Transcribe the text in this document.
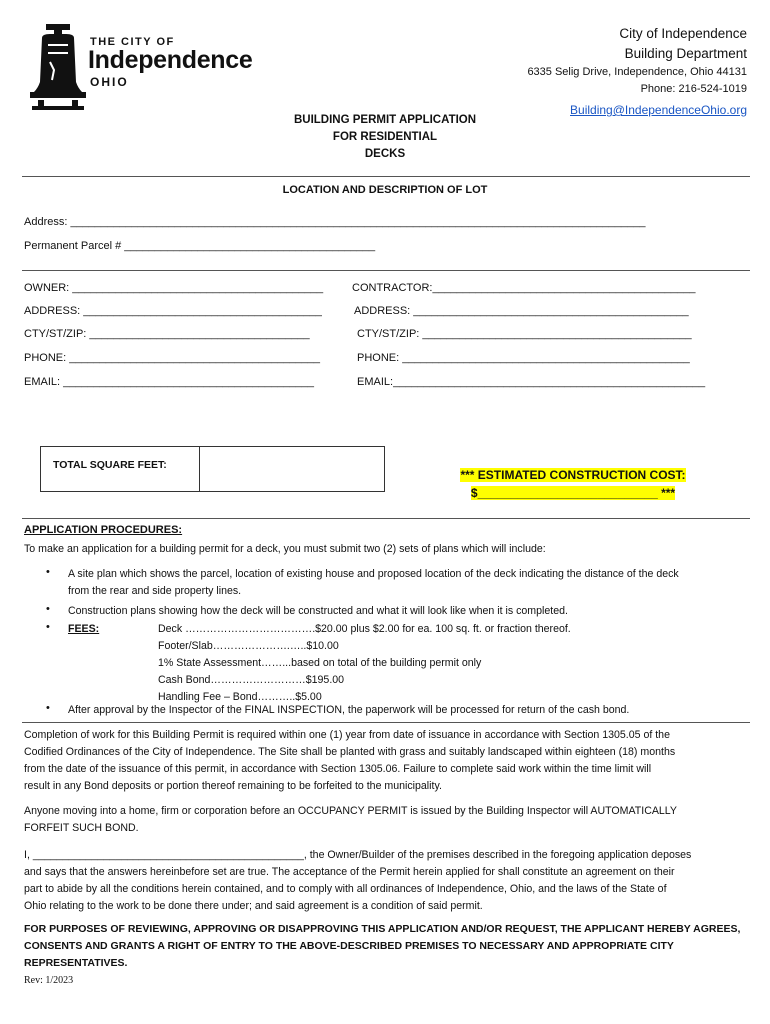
THE CITY OF
Independence
OHIO
City of Independence
Building Department
6335 Selig Drive, Independence, Ohio 44131
Phone: 216-524-1019
Building@IndependenceOhio.org
BUILDING PERMIT APPLICATION
FOR RESIDENTIAL
DECKS
LOCATION AND DESCRIPTION OF LOT
Address: ______________________________________________________________________________________________
Permanent Parcel # _________________________________________
OWNER: _________________________________________
ADDRESS: _______________________________________
CTY/ST/ZIP: ____________________________________
PHONE: _________________________________________
EMAIL: _________________________________________
CONTRACTOR:___________________________________________
ADDRESS: _____________________________________________
CTY/ST/ZIP: ____________________________________________
PHONE: _______________________________________________
EMAIL:___________________________________________________
TOTAL SQUARE FEET:
*** ESTIMATED CONSTRUCTION COST:
$___________________________ ***
APPLICATION PROCEDURES:
To make an application for a building permit for a deck, you must submit two (2) sets of plans which will include:
• A site plan which shows the parcel, location of existing house and proposed location of the deck indicating the distance of the deck
from the rear and side property lines.
• Construction plans showing how the deck will be constructed and what it will look like when it is completed.
• FEES:	Deck ……………………………….$20.00 plus $2.00 for ea. 100 sq. ft. or fraction thereof.
Footer/Slab………………….…..$10.00
1% State Assessment……...based on total of the building permit only
Cash Bond………………………$195.00
Handling Fee – Bond………..$5.00
• After approval by the Inspector of the FINAL INSPECTION, the paperwork will be processed for return of the cash bond.
Completion of work for this Building Permit is required within one (1) year from date of issuance in accordance with Section 1305.05 of the
Codified Ordinances of the City of Independence. The Site shall be planted with grass and suitably landscaped within eighteen (18) months
from the date of the issuance of this permit, in accordance with Section 1305.06. Failure to complete said work within the time limit will
result in any Bond deposits or portion thereof remaining to be forfeited to the municipality.
Anyone moving into a home, firm or corporation before an OCCUPANCY PERMIT is issued by the Building Inspector will AUTOMATICALLY
FORFEIT SUCH BOND.
I, ______________________________________________, the Owner/Builder of the premises described in the foregoing application deposes
and says that the answers hereinbefore set are true. The acceptance of the Permit herein applied for shall constitute an agreement on their
part to abide by all the conditions herein contained, and to comply with all ordinances of Independence, Ohio, and the laws of the State of
Ohio relating to the work to be done there under; and said agreement is a condition of said permit.
FOR PURPOSES OF REVIEWING, APPROVING OR DISAPPROVING THIS APPLICATION AND/OR REQUEST, THE APPLICANT HEREBY AGREES,
CONSENTS AND GRANTS A RIGHT OF ENTRY TO THE ABOVE-DESCRIBED PREMISES TO NECESSARY AND APPROPRIATE CITY
REPRESENTATIVES.
Rev: 1/2023
